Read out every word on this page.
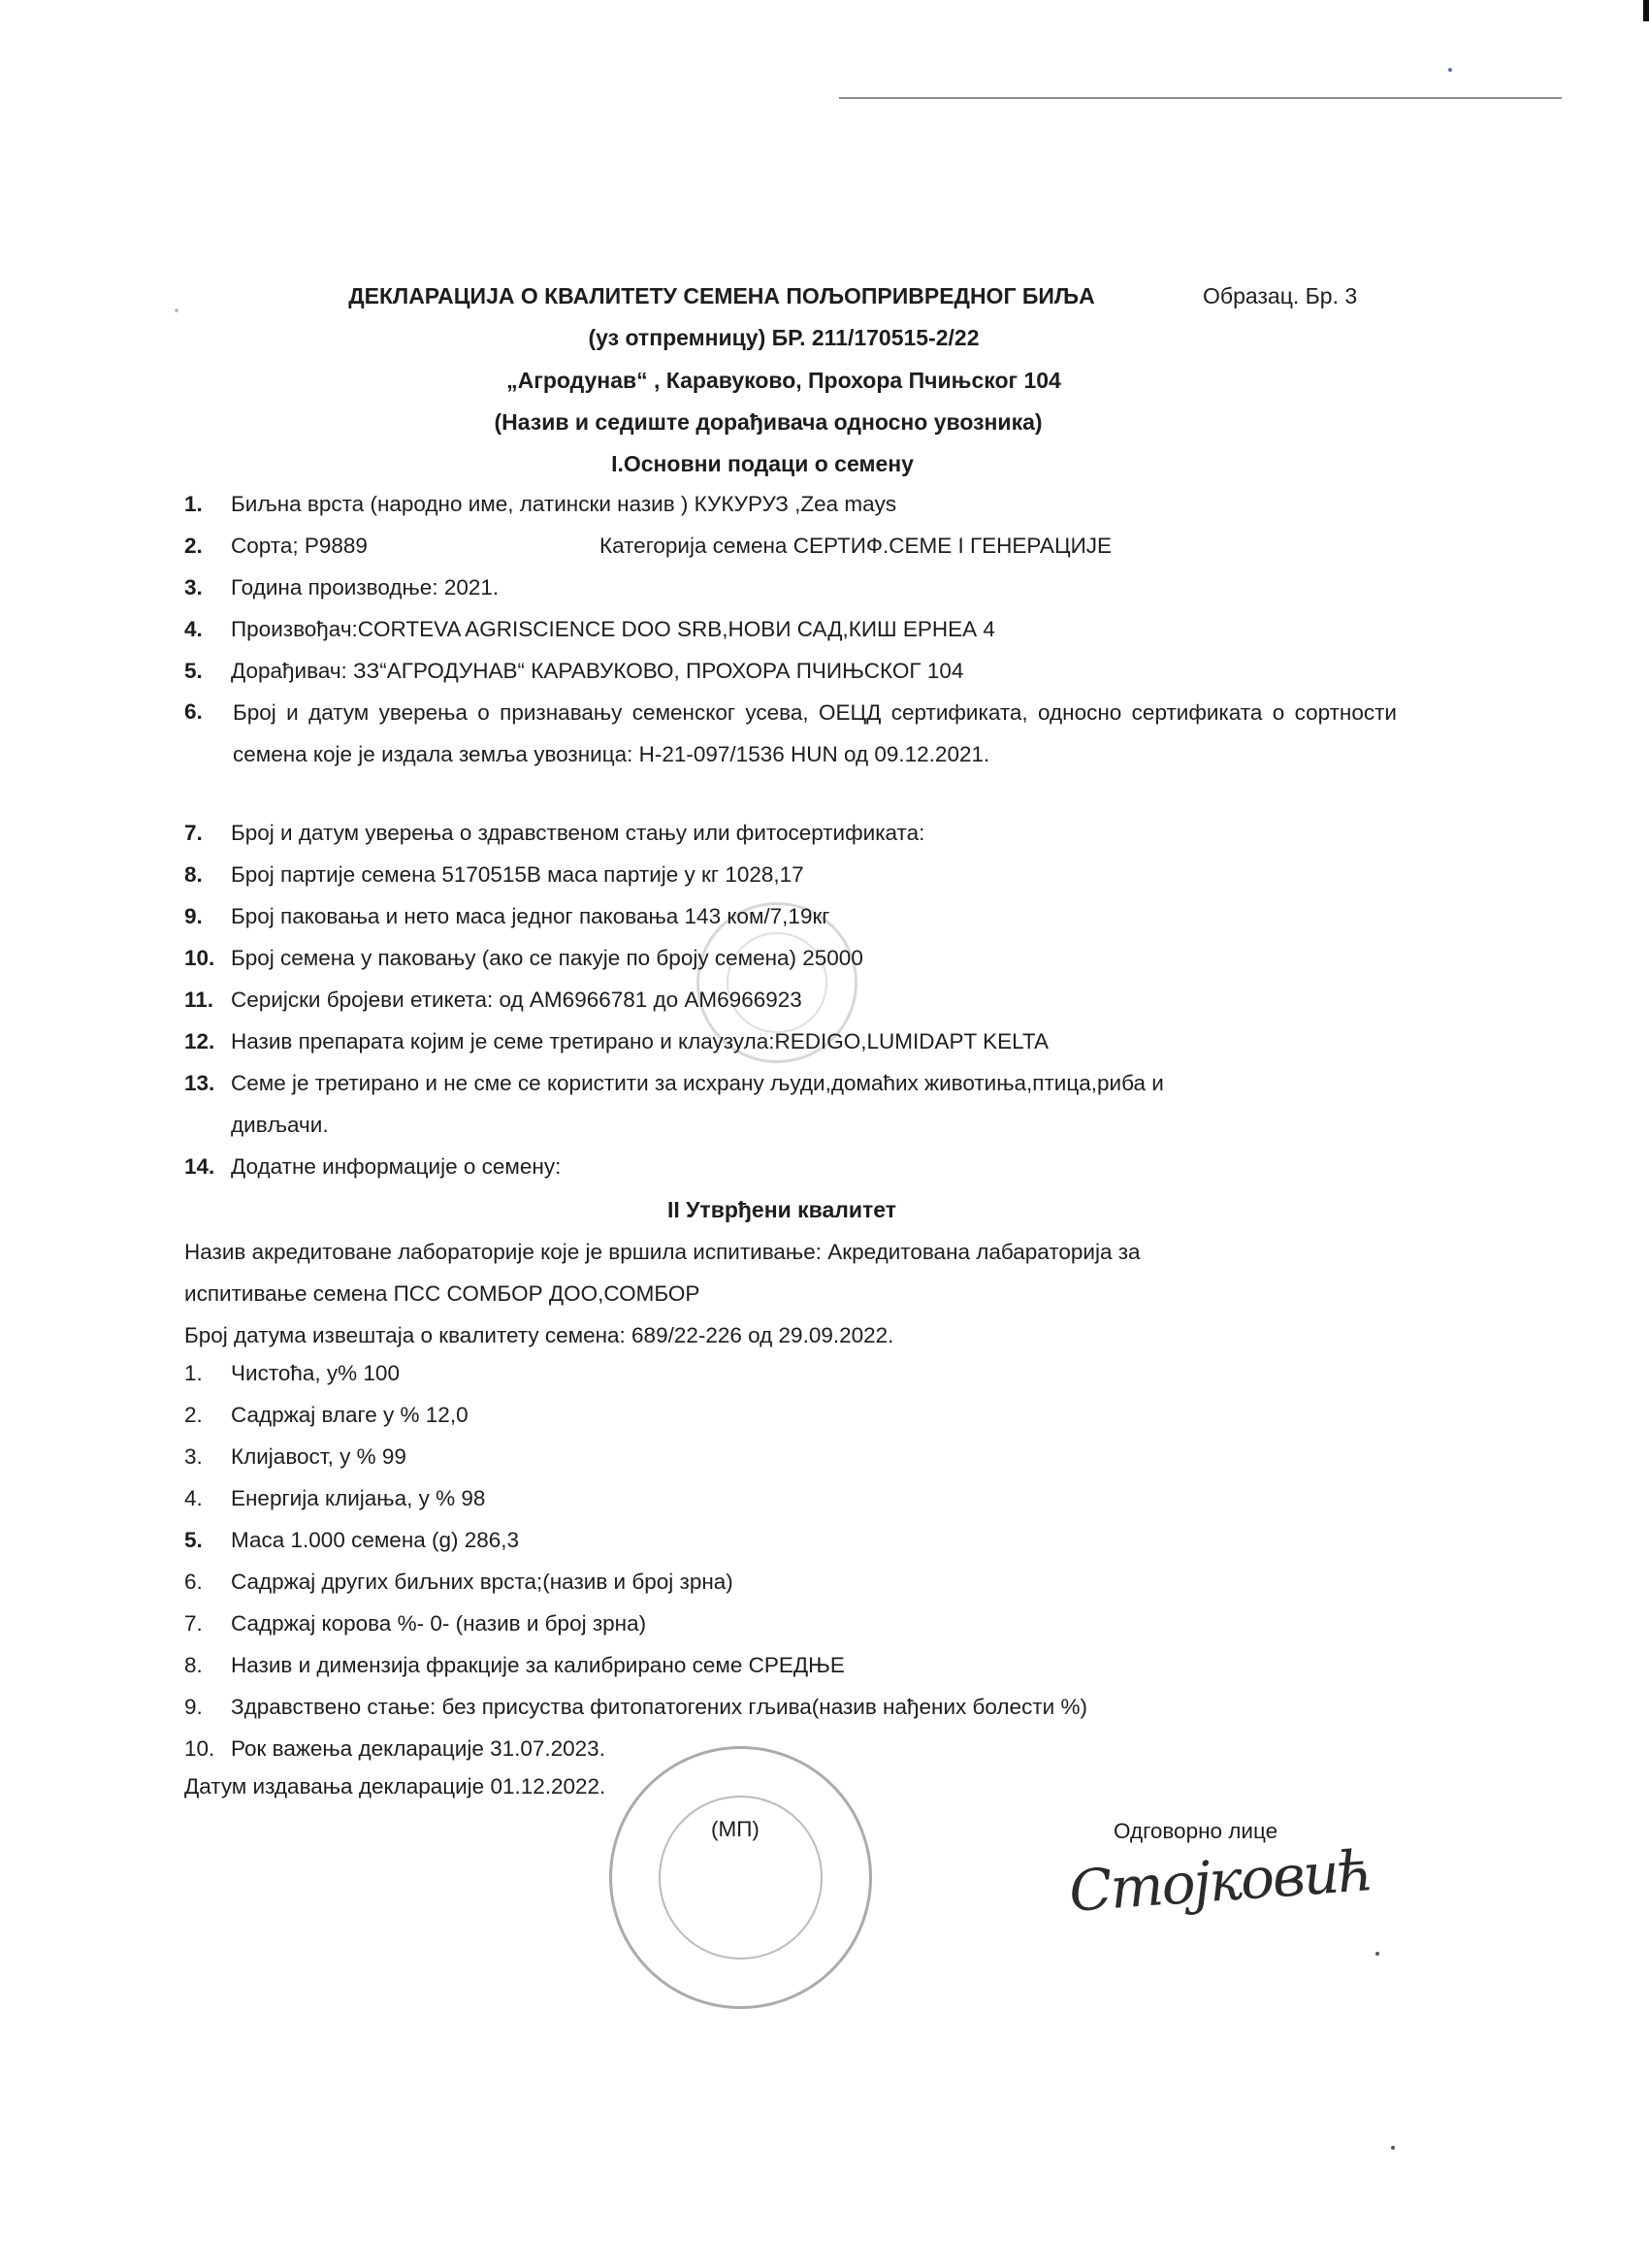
ДЕКЛАРАЦИЈА О КВАЛИТЕТУ СЕМЕНА ПОЉОПРИВРЕДНОГ БИЉА	Образац. Бр. 3
(уз отпремницу) БР. 211/170515-2/22
„Агродунав“ , Каравуково, Прохора Пчињског 104
(Назив и седиште дорађивача односно увозника)
I.Основни подаци о семену
1.	Биљна врста (народно име, латински назив ) КУКУРУЗ ,Zea mays
2.	Сорта; P9889	Категорија семена СЕРТИФ.СЕМЕ I ГЕНЕРАЦИЈЕ
3.	Година производње: 2021.
4.	Произвођач:CORTEVA AGRISCIENCE DOO SRB,НОВИ САД,КИШ ЕРНЕА 4
5.	Дорађивач: ЗЗ“АГРОДУНАВ“ КАРАВУКОВО, ПРОХОРА ПЧИЊСКОГ 104
6.	Број и датум уверења о признавању семенског усева, ОЕЦД сертификата, односно сертификата о сортности семена које је издала земља увозница: H-21-097/1536 HUN од 09.12.2021.
7.	Број и датум уверења о здравственом стању или фитосертификата:
8.	Број партије семена 5170515B маса партије у кг 1028,17
9.	Број паковања и нето маса једног паковања 143 ком/7,19кг
10. Број семена у паковању (ако се пакује по броју семена) 25000
11. Серијски бројеви етикета: од АМ6966781 до АМ6966923
12. Назив препарата којим је семе третирано и клаузула:REDIGO,LUMIDAPT KELTA
13. Семе је третирано и не сме се користити за исхрану људи,домаћих животиња,птица,риба и
дивљачи.
14. Додатне информације о семену:
II Утврђени квалитет
Назив акредитоване лабораторије које је вршила испитивање: Акредитована лабараторија за
испитивање семена ПСС СОМБОР ДОО,СОМБОР
Број датума извештаја о квалитету семена: 689/22-226 од 29.09.2022.
1.	Чистоћа, у% 100
2.	Садржај влаге у % 12,0
3.	Клијавост, у % 99
4.	Енергија клијања, у % 98
5.	Маса 1.000 семена (g) 286,3
6.	Садржај других биљних врста;(назив и број зрна)
7.	Садржај корова %- 0- (назив и број зрна)
8.	Назив и димензија фракције за калибрирано семе СРЕДЊЕ
9.	Здравствено стање: без присуства фитопатогених гљива(назив нађених болести %)
10. Рок важења декларације 31.07.2023.
Датум издавања декларације 01.12.2022.
(МП)	Одговорно лице
Стојковић
